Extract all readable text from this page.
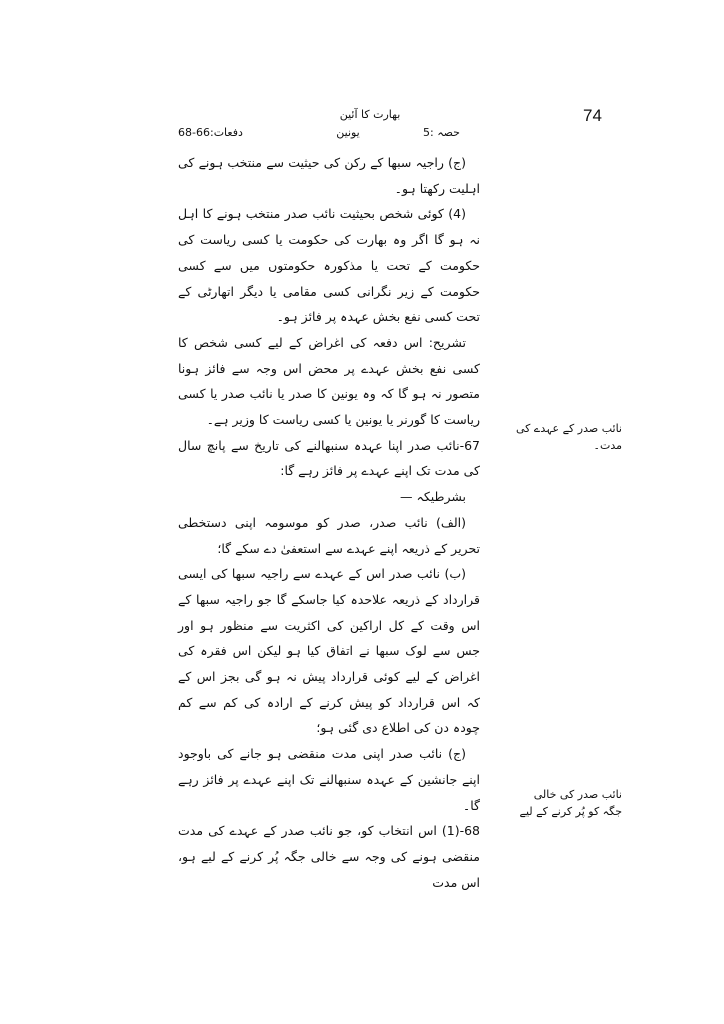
74
بھارت کا آئین
حصہ :5
یونین
دفعات:66-68

(ج) راجیہ سبھا کے رکن کی حیثیت سے منتخب ہونے کی اہلیت رکھتا ہو۔

(4) کوئی شخص بحیثیت نائب صدر منتخب ہونے کا اہل نہ ہو گا اگر وہ بھارت کی حکومت یا کسی ریاست کی حکومت کے تحت یا مذکورہ حکومتوں میں سے کسی حکومت کے زیر نگرانی کسی مقامی یا دیگر اتھارٹی کے تحت کسی نفع بخش عہدہ پر فائز ہو۔

تشریح: اس دفعہ کی اغراض کے لیے کسی شخص کا کسی نفع بخش عہدے پر محض اس وجہ سے فائز ہونا متصور نہ ہو گا کہ وہ یونین کا صدر یا نائب صدر یا کسی ریاست کا گورنر یا یونین یا کسی ریاست کا وزیر ہے۔

67-نائب صدر اپنا عہدہ سنبھالنے کی تاریخ سے پانچ سال کی مدت تک اپنے عہدے پر فائز رہے گا:

بشرطیکہ —

(الف) نائب صدر، صدر کو موسومہ اپنی دستخطی تحریر کے ذریعہ اپنے عہدے سے استعفیٰ دے سکے گا؛

(ب) نائب صدر اس کے عہدے سے راجیہ سبھا کی ایسی قرارداد کے ذریعہ علاحدہ کیا جاسکے گا جو راجیہ سبھا کے اس وقت کے کل اراکین کی اکثریت سے منظور ہو اور جس سے لوک سبھا نے اتفاق کیا ہو لیکن اس فقرہ کی اغراض کے لیے کوئی قرارداد پیش نہ ہو گی بجز اس کے کہ اس قرارداد کو پیش کرنے کے ارادہ کی کم سے کم چودہ دن کی اطلاع دی گئی ہو؛

(ج) نائب صدر اپنی مدت منقضی ہو جانے کی باوجود اپنے جانشین کے عہدہ سنبھالنے تک اپنے عہدے پر فائز رہے گا۔

68-(1) اس انتخاب کو، جو نائب صدر کے عہدے کی مدت منقضی ہونے کی وجہ سے خالی جگہ پُر کرنے کے لیے ہو، اس مدت

نائب صدر کے عہدے کی مدت۔
نائب صدر کی خالی جگہ کو پُر کرنے کے لیے
